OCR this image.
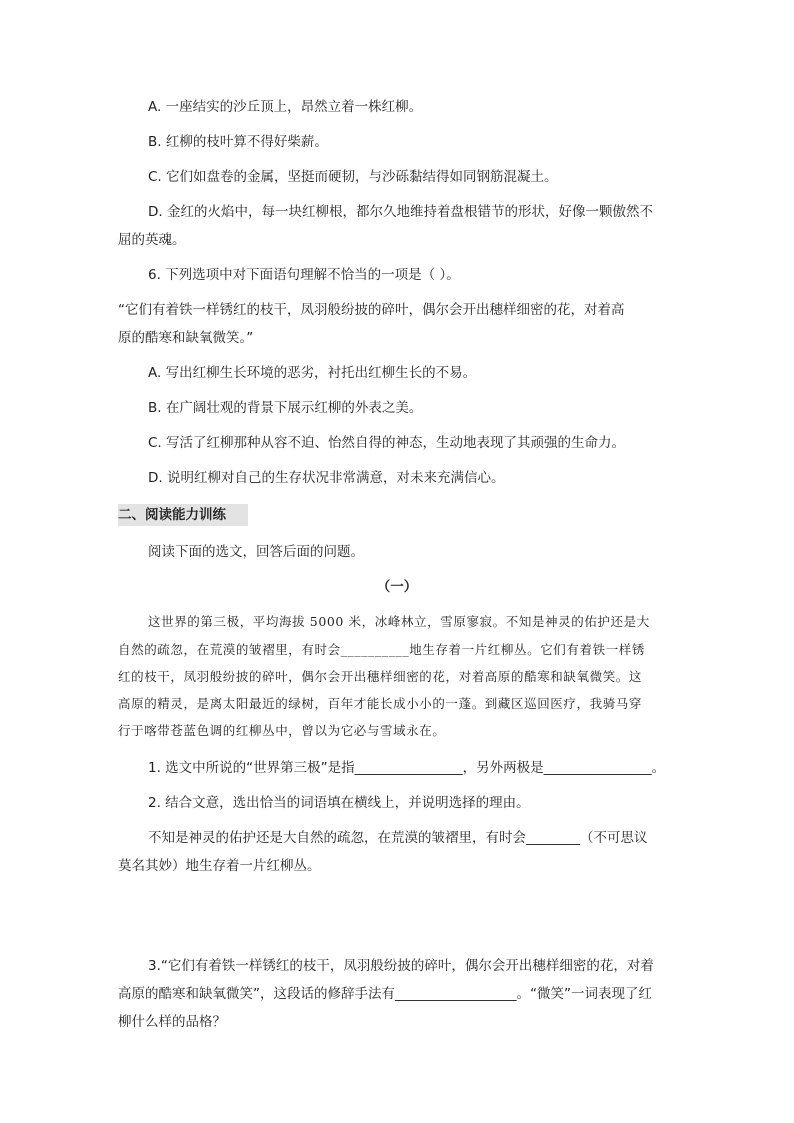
A. 一座结实的沙丘顶上，昂然立着一株红柳。
B. 红柳的枝叶算不得好柴薪。
C. 它们如盘卷的金属，坚挺而硬韧，与沙砾黏结得如同钢筋混凝土。
D. 金红的火焰中，每一块红柳根，都尔久地维持着盘根错节的形状，好像一颗傲然不
屈的英魂。
6. 下列选项中对下面语句理解不恰当的一项是（ ）。
“它们有着铁一样锈红的枝干，凤羽般纷披的碎叶，偶尔会开出穗样细密的花，对着高
原的酷寒和缺氧微笑。”
A. 写出红柳生长环境的恶劣，衬托出红柳生长的不易。
B. 在广阔壮观的背景下展示红柳的外表之美。
C. 写活了红柳那种从容不迫、怡然自得的神态，生动地表现了其顽强的生命力。
D. 说明红柳对自己的生存状况非常满意，对未来充满信心。
二、阅读能力训练
阅读下面的选文，回答后面的问题。
（一）
这世界的第三极，平均海拔 5000 米，冰峰林立，雪原寥寂。不知是神灵的佑护还是大
自然的疏忽，在荒漠的皱褶里，有时会__________地生存着一片红柳丛。它们有着铁一样锈
红的枝干，凤羽般纷披的碎叶，偶尔会开出穗样细密的花，对着高原的酷寒和缺氧微笑。这
高原的精灵，是离太阳最近的绿树，百年才能长成小小的一蓬。到藏区巡回医疗，我骑马穿
行于喀带苍蓝色调的红柳丛中，曾以为它必与雪域永在。
1. 选文中所说的“世界第三极”是指________________，另外两极是________________。
2. 结合文意，选出恰当的词语填在横线上，并说明选择的理由。
不知是神灵的佑护还是大自然的疏忽，在荒漠的皱褶里，有时会________（不可思议
莫名其妙）地生存着一片红柳丛。
3.“它们有着铁一样锈红的枝干，凤羽般纷披的碎叶，偶尔会开出穗样细密的花，对着
高原的酷寒和缺氧微笑”，这段话的修辞手法有__________________。“微笑”一词表现了红
柳什么样的品格？
